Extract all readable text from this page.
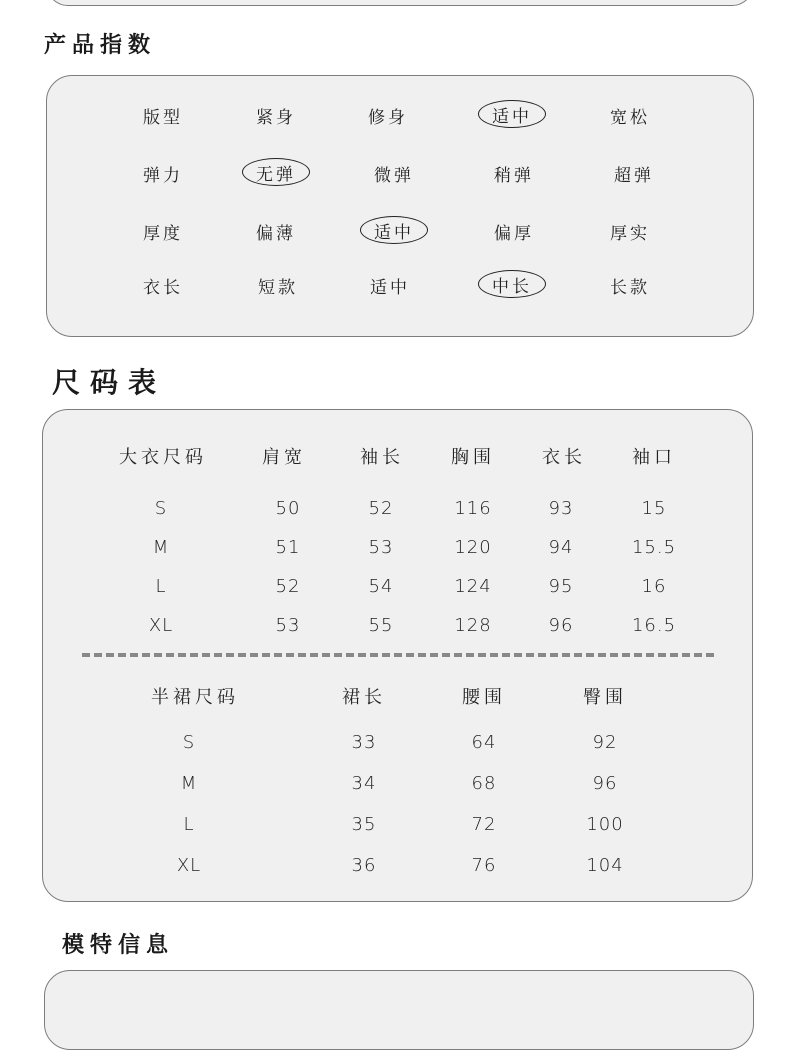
产品指数
版型	紧身	修身	适中	宽松
弹力	无弹	微弹	稍弹	超弹
厚度	偏薄	适中	偏厚	厚实
衣长	短款	适中	中长	长款
尺码表
大衣尺码	肩宽	袖长	胸围	衣长	袖口
S	50	52	116	93	15
M	51	53	120	94	15.5
L	52	54	124	95	16
XL	53	55	128	96	16.5
半裙尺码	裙长	腰围	臀围
S	33	64	92
M	34	68	96
L	35	72	100
XL	36	76	104
模特信息
